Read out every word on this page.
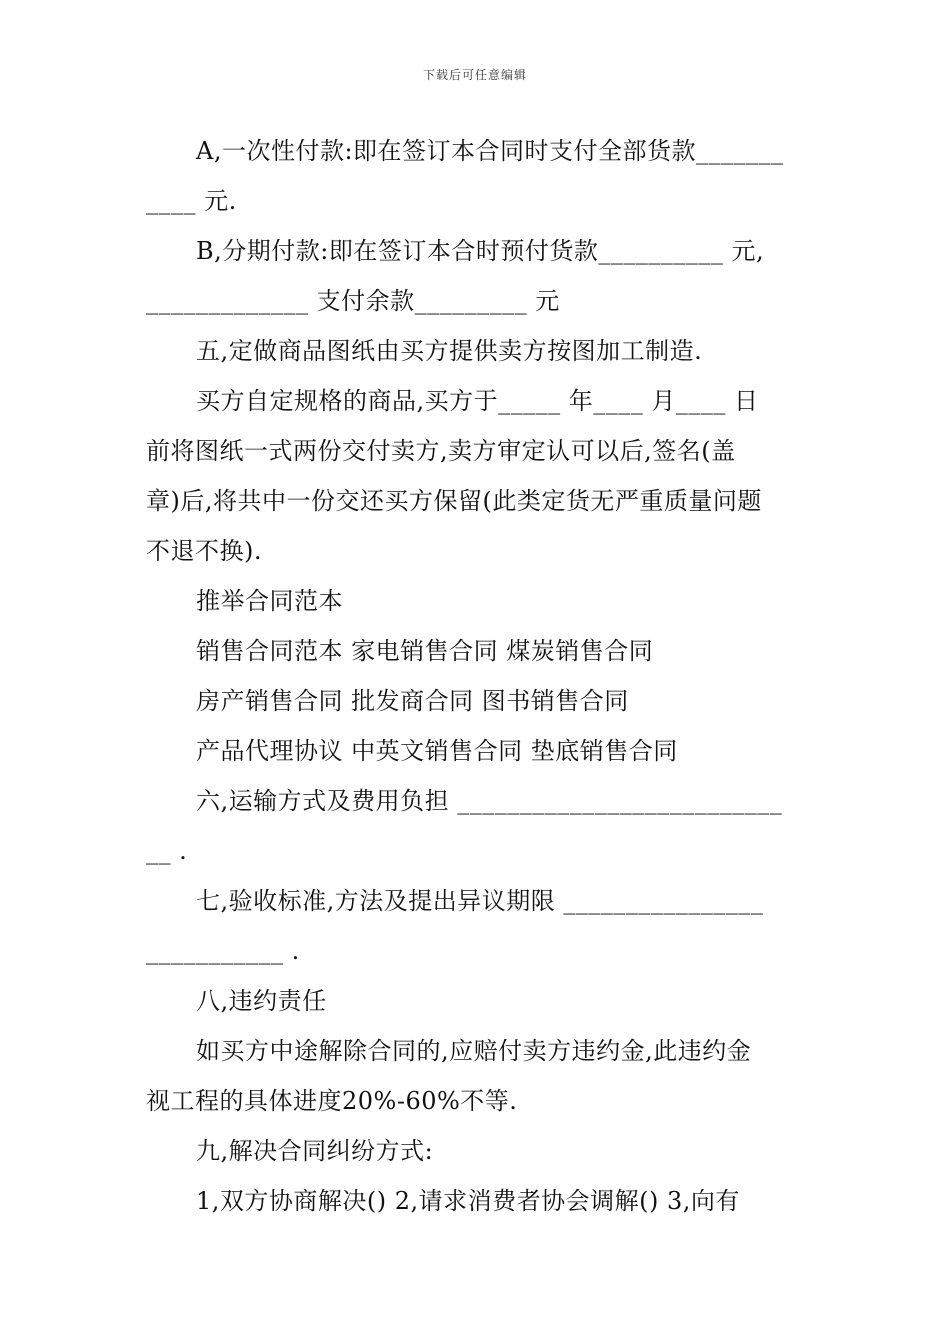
下载后可任意编辑
A,一次性付款:即在签订本合同时支付全部货款_______
____ 元.
B,分期付款:即在签订本合时预付货款__________ 元,
_____________ 支付余款_________ 元
五,定做商品图纸由买方提供卖方按图加工制造.
买方自定规格的商品,买方于_____ 年____ 月____ 日
前将图纸一式两份交付卖方,卖方审定认可以后,签名(盖
章)后,将共中一份交还买方保留(此类定货无严重质量问题
不退不换).
推举合同范本
销售合同范本 家电销售合同 煤炭销售合同
房产销售合同 批发商合同 图书销售合同
产品代理协议 中英文销售合同 垫底销售合同
六,运输方式及费用负担 __________________________
__ .
七,验收标准,方法及提出异议期限 ________________
___________ .
八,违约责任
如买方中途解除合同的,应赔付卖方违约金,此违约金
视工程的具体进度20%-60%不等.
九,解决合同纠纷方式:
1,双方协商解决() 2,请求消费者协会调解() 3,向有
